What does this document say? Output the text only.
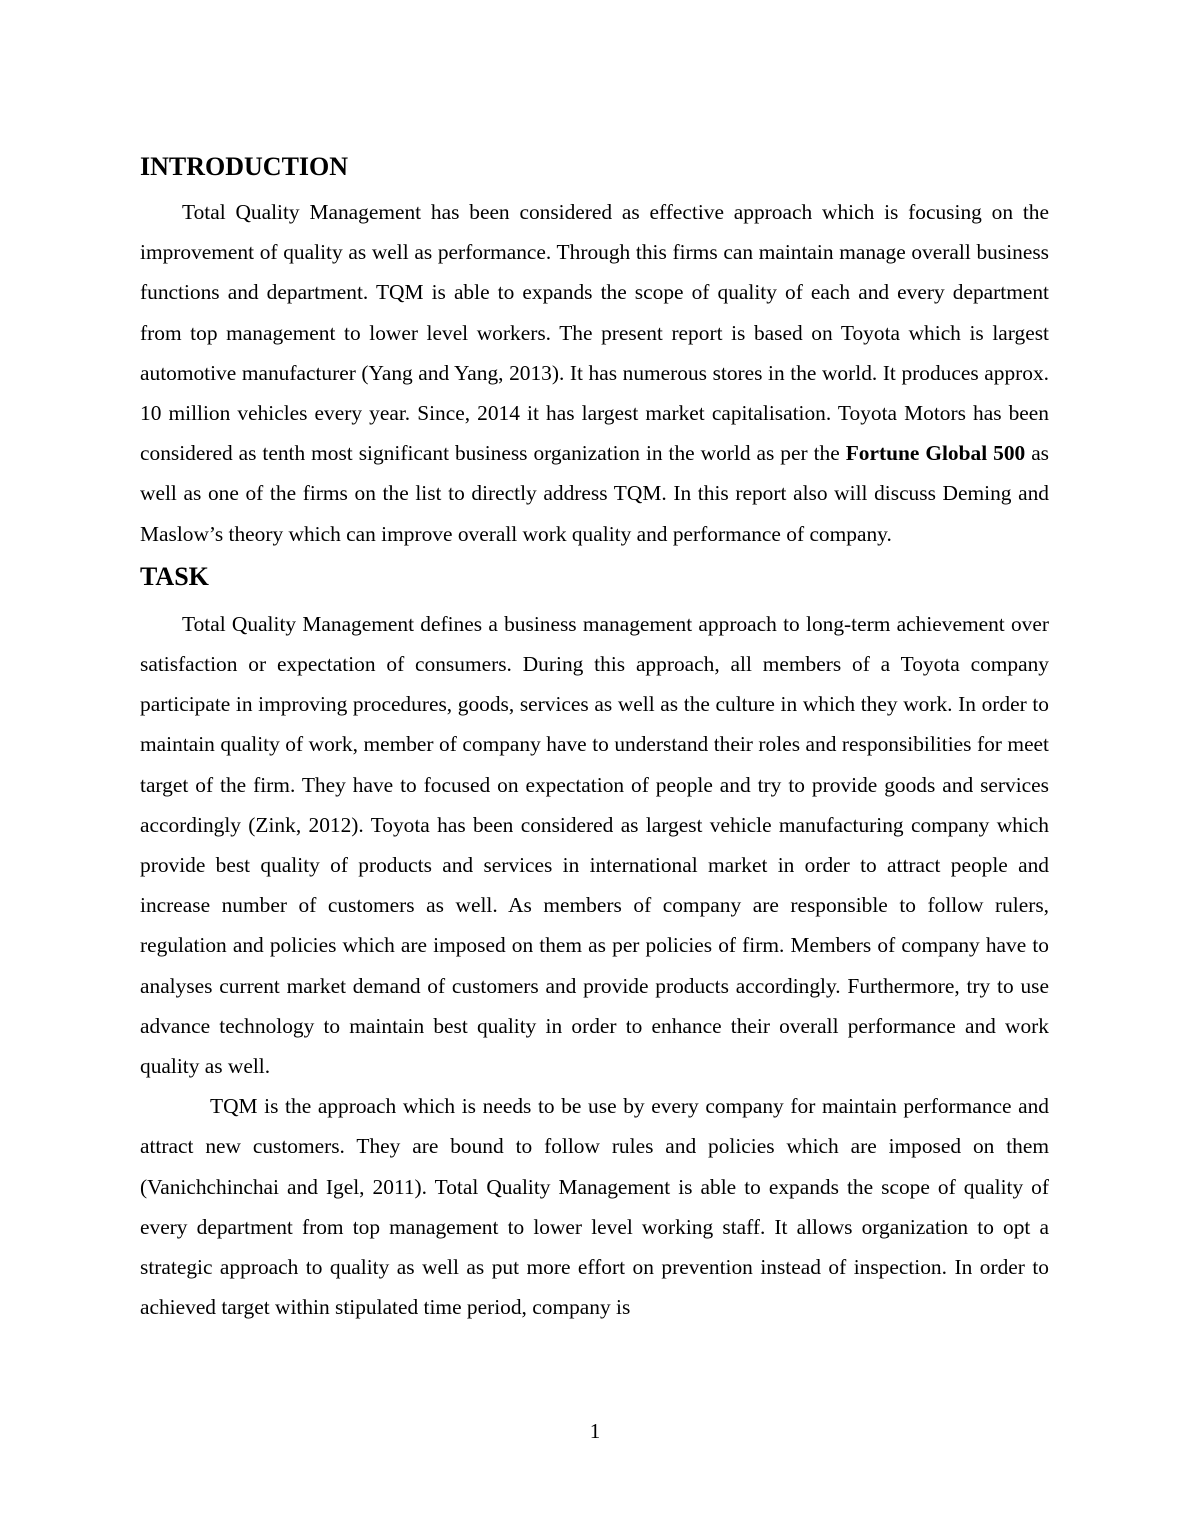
INTRODUCTION

Total Quality Management has been considered as effective approach which is focusing on the improvement of quality as well as performance. Through this firms can maintain manage overall business functions and department. TQM is able to expands the scope of quality of each and every department from top management to lower level workers. The present report is based on Toyota which is largest automotive manufacturer (Yang and Yang, 2013). It has numerous stores in the world. It produces approx. 10 million vehicles every year. Since, 2014 it has largest market capitalisation. Toyota Motors has been considered as tenth most significant business organization in the world as per the Fortune Global 500 as well as one of the firms on the list to directly address TQM. In this report also will discuss Deming and Maslow’s theory which can improve overall work quality and performance of company.

TASK

Total Quality Management defines a business management approach to long-term achievement over satisfaction or expectation of consumers. During this approach, all members of a Toyota company participate in improving procedures, goods, services as well as the culture in which they work. In order to maintain quality of work, member of company have to understand their roles and responsibilities for meet target of the firm. They have to focused on expectation of people and try to provide goods and services accordingly (Zink, 2012). Toyota has been considered as largest vehicle manufacturing company which provide best quality of products and services in international market in order to attract people and increase number of customers as well. As members of company are responsible to follow rulers, regulation and policies which are imposed on them as per policies of firm. Members of company have to analyses current market demand of customers and provide products accordingly. Furthermore, try to use advance technology to maintain best quality in order to enhance their overall performance and work quality as well.

TQM is the approach which is needs to be use by every company for maintain performance and attract new customers. They are bound to follow rules and policies which are imposed on them (Vanichchinchai and Igel, 2011). Total Quality Management is able to expands the scope of quality of every department from top management to lower level working staff. It allows organization to opt a strategic approach to quality as well as put more effort on prevention instead of inspection. In order to achieved target within stipulated time period, company is

1
